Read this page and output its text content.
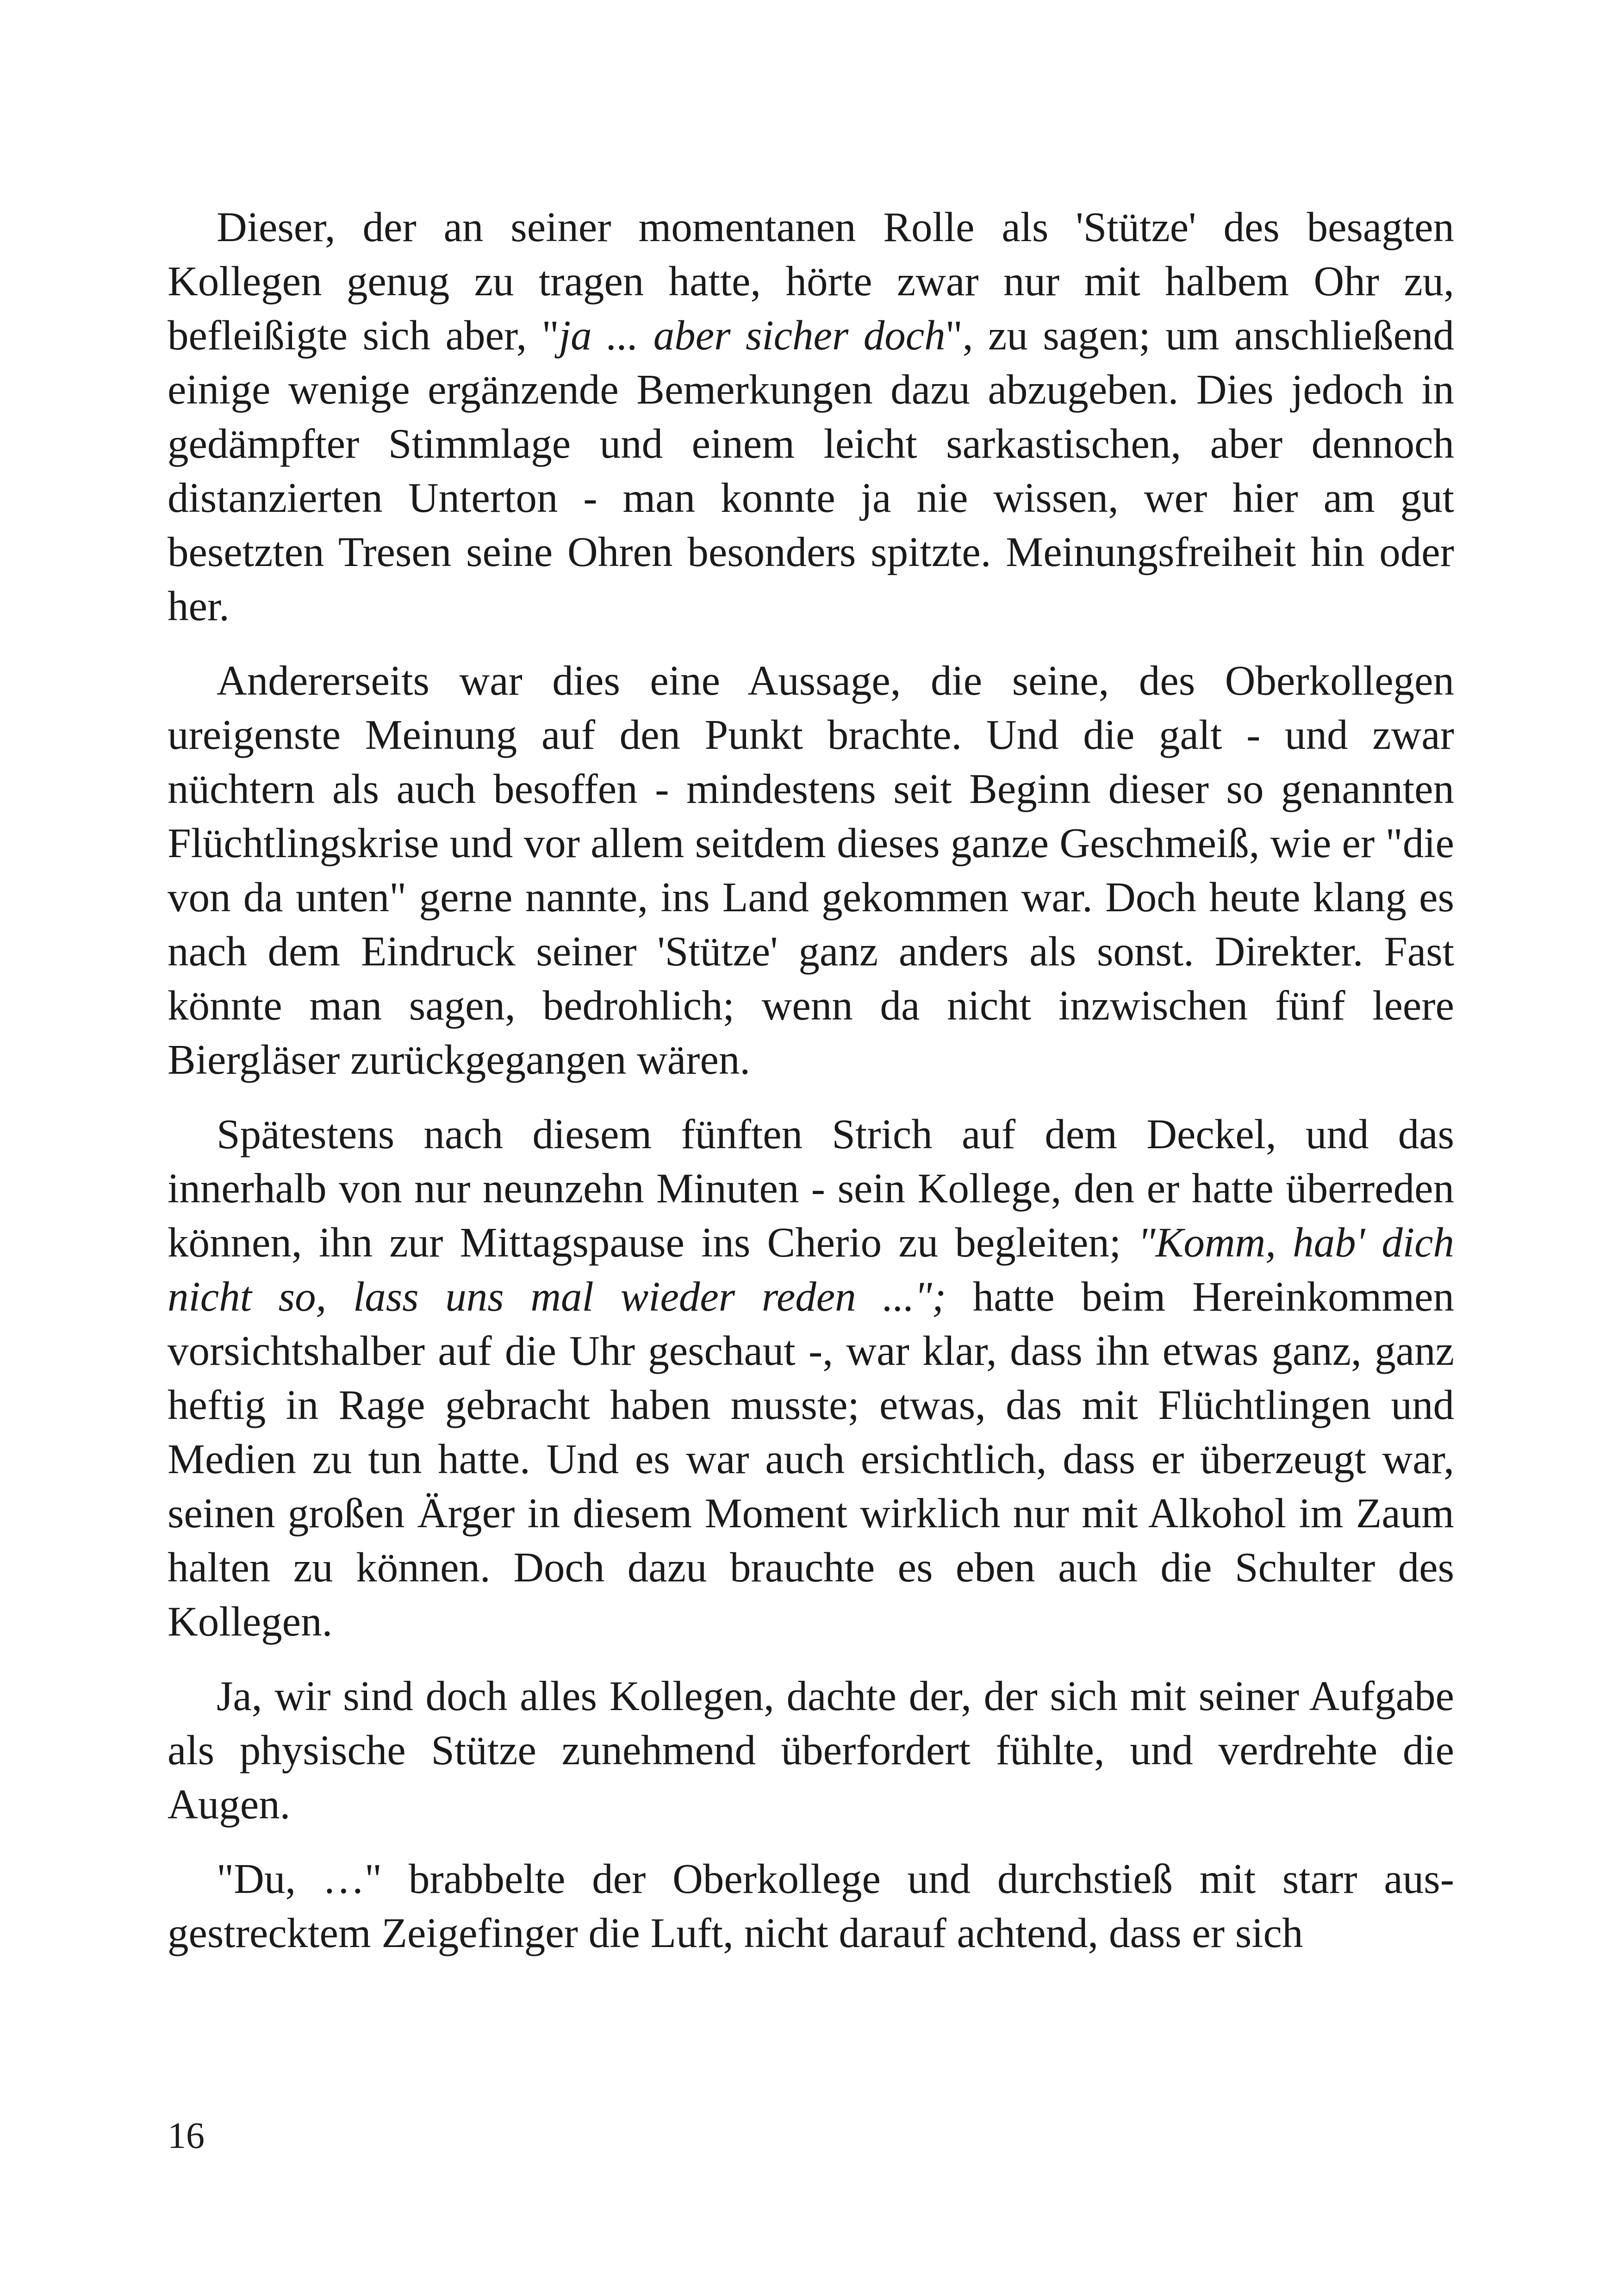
Dieser, der an seiner momentanen Rolle als 'Stütze' des besagten Kollegen genug zu tragen hatte, hörte zwar nur mit halbem Ohr zu, befleißigte sich aber, "ja ... aber sicher doch", zu sagen; um anschließend einige wenige ergänzende Bemerkungen dazu abzugeben. Dies jedoch in gedämpfter Stimmlage und einem leicht sarkastischen, aber dennoch distanzierten Unterton - man konnte ja nie wissen, wer hier am gut besetzten Tresen seine Ohren besonders spitzte. Meinungsfreiheit hin oder her.

Andererseits war dies eine Aussage, die seine, des Oberkollegen ureigenste Meinung auf den Punkt brachte. Und die galt - und zwar nüchtern als auch besoffen - mindestens seit Beginn dieser so genannten Flüchtlingskrise und vor allem seitdem dieses ganze Geschmeiß, wie er "die von da unten" gerne nannte, ins Land gekommen war. Doch heute klang es nach dem Eindruck seiner 'Stütze' ganz anders als sonst. Direkter. Fast könnte man sagen, bedrohlich; wenn da nicht inzwischen fünf leere Biergläser zurückgegangen wären.

Spätestens nach diesem fünften Strich auf dem Deckel, und das innerhalb von nur neunzehn Minuten - sein Kollege, den er hatte überreden können, ihn zur Mittagspause ins Cherio zu begleiten; "Komm, hab' dich nicht so, lass uns mal wieder reden ..."; hatte beim Hereinkommen vorsichtshalber auf die Uhr geschaut -, war klar, dass ihn etwas ganz, ganz heftig in Rage gebracht haben musste; etwas, das mit Flüchtlingen und Medien zu tun hatte. Und es war auch ersichtlich, dass er überzeugt war, seinen großen Ärger in diesem Moment wirklich nur mit Alkohol im Zaum halten zu können. Doch dazu brauchte es eben auch die Schulter des Kollegen.

Ja, wir sind doch alles Kollegen, dachte der, der sich mit seiner Aufgabe als physische Stütze zunehmend überfordert fühlte, und verdrehte die Augen.

"Du, …" brabbelte der Oberkollege und durchstieß mit starr ausgestrecktem Zeigefinger die Luft, nicht darauf achtend, dass er sich

16
